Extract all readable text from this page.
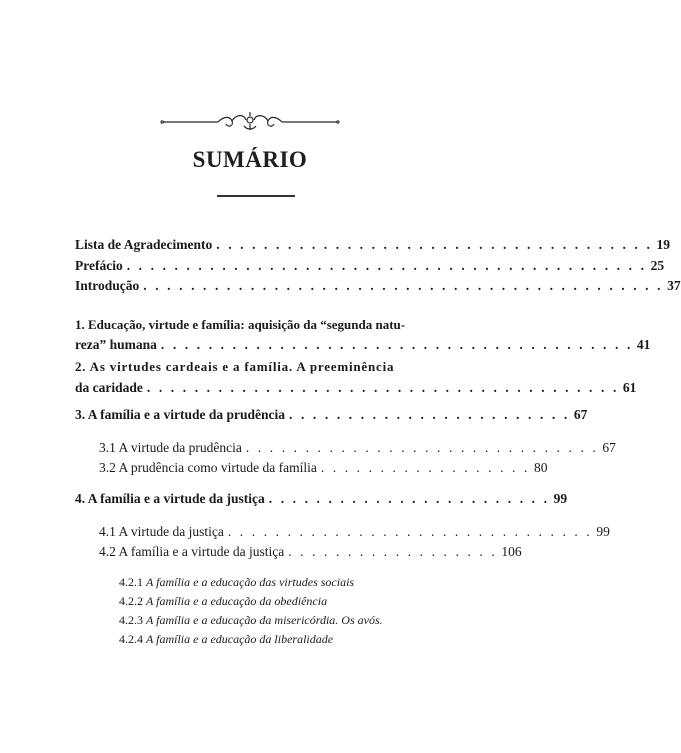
SUMÁRIO
Lista de Agradecimento . . . . . . . . . . . . . . . . . . . . . . . . . . . . . . . . . . . . . 19
Prefácio . . . . . . . . . . . . . . . . . . . . . . . . . . . . . . . . . . . . . . . . . . . . 25
Introdução . . . . . . . . . . . . . . . . . . . . . . . . . . . . . . . . . . . . . . . . . . . . 37
1. Educação, virtude e família: aquisição da “segunda natu-
reza” humana . . . . . . . . . . . . . . . . . . . . . . . . . . . . . . . . . . . . . . . . 41
2. As virtudes cardeais e a família. A preeminência
da caridade . . . . . . . . . . . . . . . . . . . . . . . . . . . . . . . . . . . . . . . . 61
3. A família e a virtude da prudência . . . . . . . . . . . . . . . . . . . . . . . . 67
3.1 A virtude da prudência . . . . . . . . . . . . . . . . . . . . . . . . . . . . . . 67
3.2 A prudência como virtude da família . . . . . . . . . . . . . . . . . . 80
4. A família e a virtude da justiça . . . . . . . . . . . . . . . . . . . . . . . . 99
4.1 A virtude da justiça . . . . . . . . . . . . . . . . . . . . . . . . . . . . . . . 99
4.2 A família e a virtude da justiça . . . . . . . . . . . . . . . . . . 106
4.2.1 A família e a educação das virtudes sociais
4.2.2 A família e a educação da obediência
4.2.3 A família e a educação da misericórdia. Os avós.
4.2.4 A família e a educação da liberalidade
